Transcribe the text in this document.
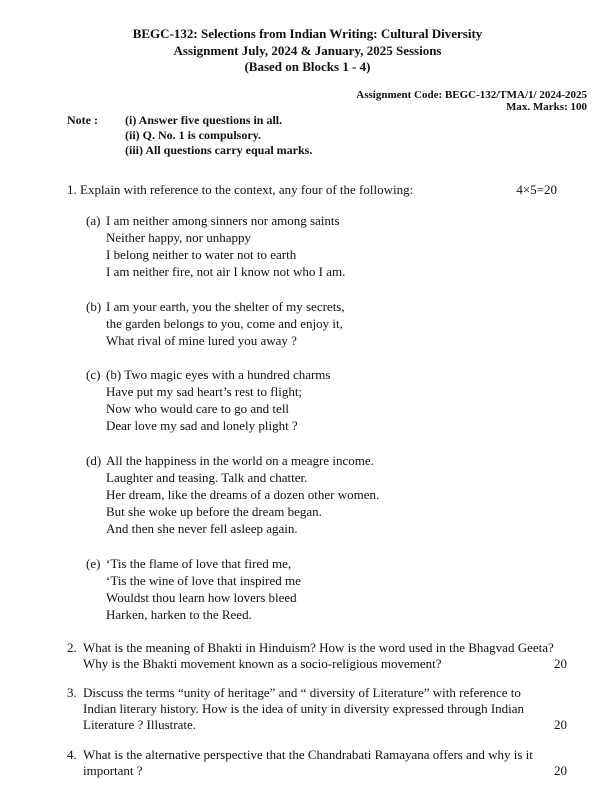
BEGC-132: Selections from Indian Writing: Cultural Diversity
Assignment July, 2024 & January, 2025 Sessions
(Based on Blocks 1 - 4)
Assignment Code: BEGC-132/TMA/1/ 2024-2025
Max. Marks: 100
Note : (i) Answer five questions in all.
(ii) Q. No. 1 is compulsory.
(iii) All questions carry equal marks.
1. Explain with reference to the context, any four of the following:	4×5=20
(a) I am neither among sinners nor among saints
Neither happy, nor unhappy
I belong neither to water not to earth
I am neither fire, not air I know not who I am.
(b) I am your earth, you the shelter of my secrets,
the garden belongs to you, come and enjoy it,
What rival of mine lured you away ?
(c) (b) Two magic eyes with a hundred charms
Have put my sad heart’s rest to flight;
Now who would care to go and tell
Dear love my sad and lonely plight ?
(d) All the happiness in the world on a meagre income.
Laughter and teasing. Talk and chatter.
Her dream, like the dreams of a dozen other women.
But she woke up before the dream began.
And then she never fell asleep again.
(e) ‘Tis the flame of love that fired me,
‘Tis the wine of love that inspired me
Wouldst thou learn how lovers bleed
Harken, harken to the Reed.
2. What is the meaning of Bhakti in Hinduism? How is the word used in the Bhagvad Geeta?
Why is the Bhakti movement known as a socio-religious movement?	20
3. Discuss the terms “unity of heritage” and “ diversity of Literature” with reference to
Indian literary history. How is the idea of unity in diversity expressed through Indian
Literature ? Illustrate.	20
4. What is the alternative perspective that the Chandrabati Ramayana offers and why is it
important ?	20
